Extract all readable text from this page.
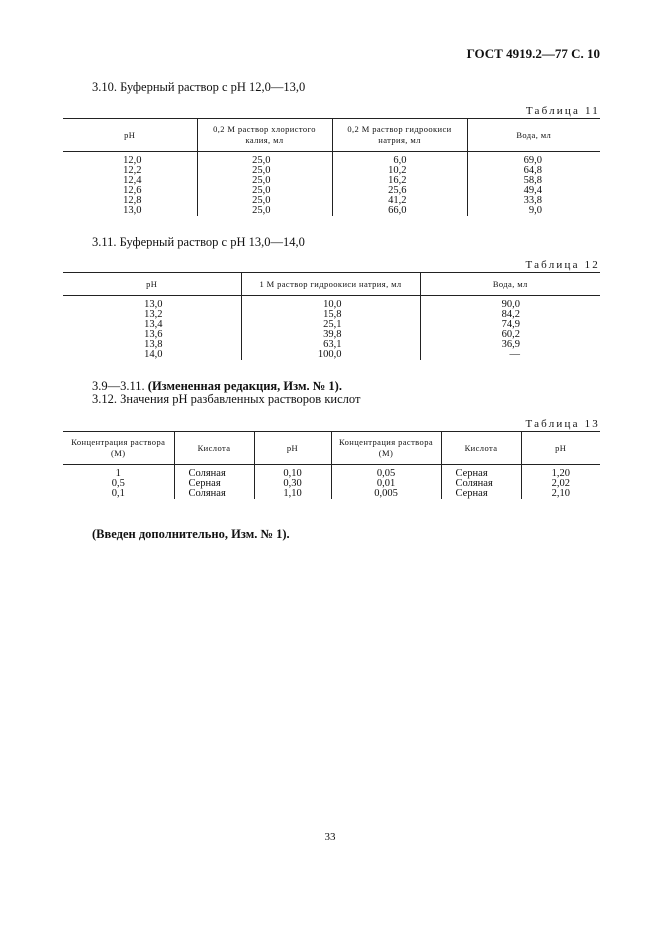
ГОСТ 4919.2—77 С. 10
3.10. Буферный раствор с рН 12,0—13,0
Таблица 11
рН	0,2 М раствор хлористого калия, мл	0,2 М раствор гидроокиси натрия, мл	Вода, мл

12,0	25,0	6,0	69,0
12,2	25,0	10,2	64,8
12,4	25,0	16,2	58,8
12,6	25,0	25,6	49,4
12,8	25,0	41,2	33,8
13,0	25,0	66,0	9,0
3.11. Буферный раствор с рН 13,0—14,0
Таблица 12
рН	1 М раствор гидроокиси натрия, мл	Вода, мл

13,0	10,0	90,0
13,2	15,8	84,2
13,4	25,1	74,9
13,6	39,8	60,2
13,8	63,1	36,9
14,0	100,0	—
3.9—3.11. (Измененная редакция, Изм. № 1).
3.12. Значения рН разбавленных растворов кислот
Таблица 13
Концентрация раствора (М)	Кислота	рН	Концентрация раствора (М)	Кислота	рН

1	Соляная	0,10	0,05	Серная	1,20
0,5	Серная	0,30	0,01	Соляная	2,02
0,1	Соляная	1,10	0,005	Серная	2,10
(Введен дополнительно, Изм. № 1).
33
